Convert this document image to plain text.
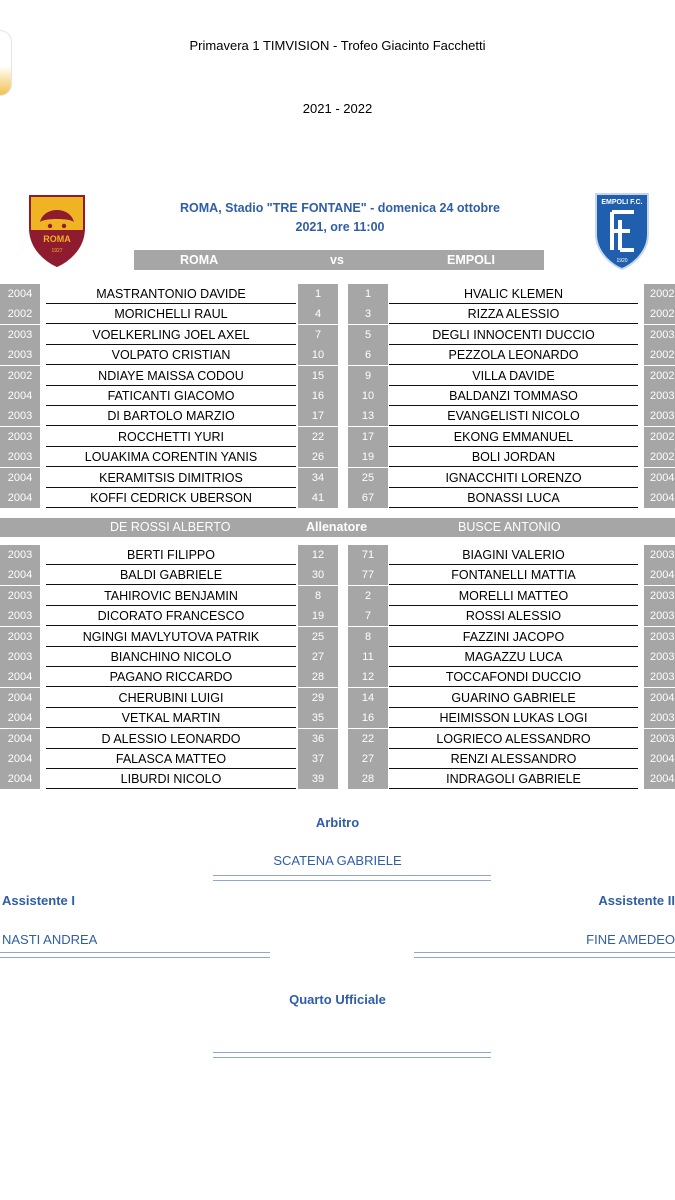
Primavera 1 TIMVISION - Trofeo Giacinto Facchetti
2021 - 2022
ROMA
1927
EMPOLI F.C.
1920
ROMA, Stadio "TRE FONTANE" - domenica 24 ottobre
2021, ore 11:00
ROMA	vs	EMPOLI
2004	MASTRANTONIO DAVIDE	1	1	HVALIC KLEMEN	2002
2002	MORICHELLI RAUL	4	3	RIZZA ALESSIO	2002
2003	VOELKERLING JOEL AXEL	7	5	DEGLI INNOCENTI DUCCIO	2003
2003	VOLPATO CRISTIAN	10	6	PEZZOLA LEONARDO	2002
2002	NDIAYE MAISSA CODOU	15	9	VILLA DAVIDE	2002
2004	FATICANTI GIACOMO	16	10	BALDANZI TOMMASO	2003
2003	DI BARTOLO MARZIO	17	13	EVANGELISTI NICOLO	2003
2003	ROCCHETTI YURI	22	17	EKONG EMMANUEL	2002
2003	LOUAKIMA CORENTIN YANIS	26	19	BOLI JORDAN	2002
2004	KERAMITSIS DIMITRIOS	34	25	IGNACCHITI LORENZO	2004
2004	KOFFI CEDRICK UBERSON	41	67	BONASSI LUCA	2004
DE ROSSI ALBERTO	Allenatore	BUSCE ANTONIO
2003	BERTI FILIPPO	12	71	BIAGINI VALERIO	2003
2004	BALDI GABRIELE	30	77	FONTANELLI MATTIA	2004
2003	TAHIROVIC BENJAMIN	8	2	MORELLI MATTEO	2003
2003	DICORATO FRANCESCO	19	7	ROSSI ALESSIO	2003
2003	NGINGI MAVLYUTOVA PATRIK	25	8	FAZZINI JACOPO	2003
2003	BIANCHINO NICOLO	27	11	MAGAZZU LUCA	2003
2004	PAGANO RICCARDO	28	12	TOCCAFONDI DUCCIO	2003
2004	CHERUBINI LUIGI	29	14	GUARINO GABRIELE	2004
2004	VETKAL MARTIN	35	16	HEIMISSON LUKAS LOGI	2003
2004	D ALESSIO LEONARDO	36	22	LOGRIECO ALESSANDRO	2003
2004	FALASCA MATTEO	37	27	RENZI ALESSANDRO	2004
2004	LIBURDI NICOLO	39	28	INDRAGOLI GABRIELE	2004
Arbitro
SCATENA GABRIELE
Assistente I	Assistente II
NASTI ANDREA	FINE AMEDEO
Quarto Ufficiale
